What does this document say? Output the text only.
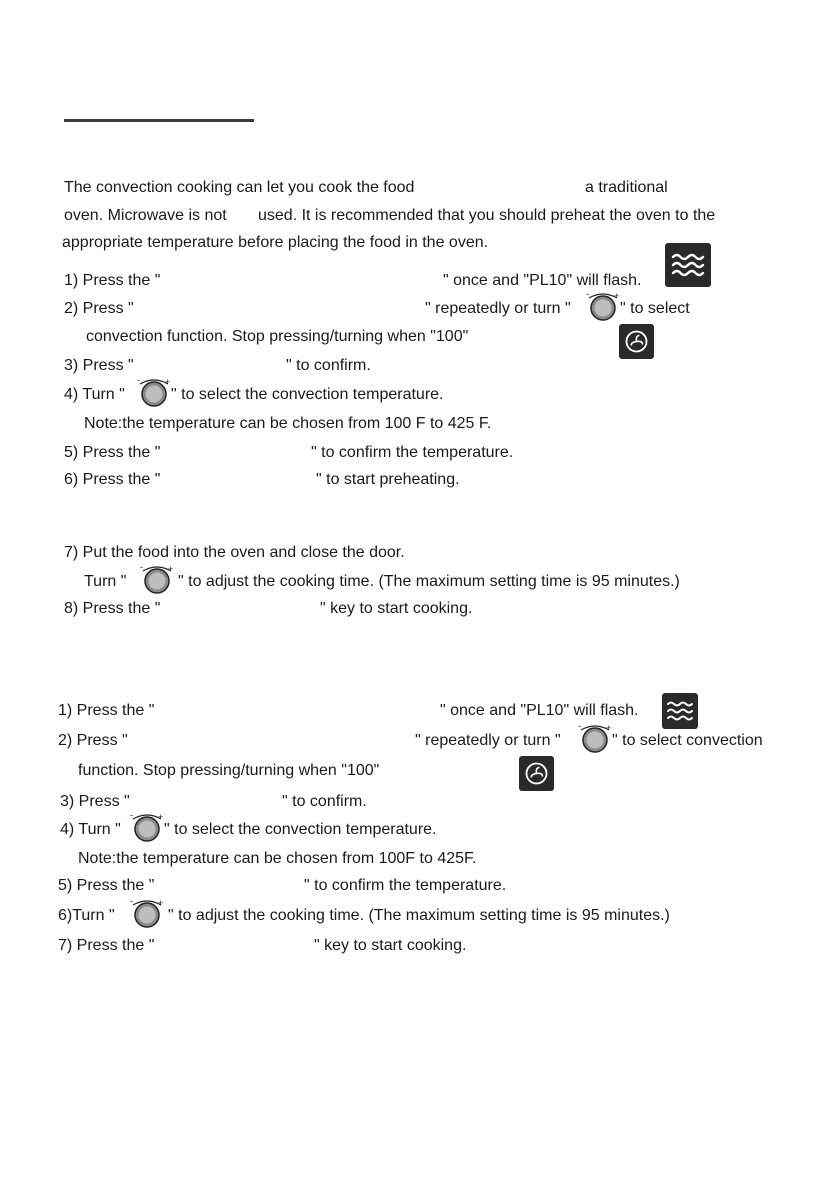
The convection cooking can let you cook the food	a traditional
oven. Microwave is not used. It is recommended that you should preheat the oven to the
appropriate temperature before placing the food in the oven.
1) Press the "	" once and "PL10" will flash.
2) Press "	" repeatedly or turn "
-	+
" to select
convection function. Stop pressing/turning when "100"
3) Press "	" to confirm.
4) Turn "
-	+
" to select the convection temperature.
Note:the temperature can be chosen from 100 F to 425 F.
5) Press the "	" to confirm the temperature.
6) Press the "	" to start preheating.
7) Put the food into the oven and close the door.
Turn "
-	+
" to adjust the cooking time. (The maximum setting time is 95 minutes.)
8) Press the "	" key to start cooking.
1) Press the "	" once and "PL10" will flash.
2) Press "	" repeatedly or turn "
-	+
" to select convection
function. Stop pressing/turning when "100"
3) Press "	" to confirm.
4) Turn "
-	+
" to select the convection temperature.
Note:the temperature can be chosen from 100F to 425F.
5) Press the "	" to confirm the temperature.
6)Turn "
-	+
" to adjust the cooking time. (The maximum setting time is 95 minutes.)
7) Press the "	" key to start cooking.
